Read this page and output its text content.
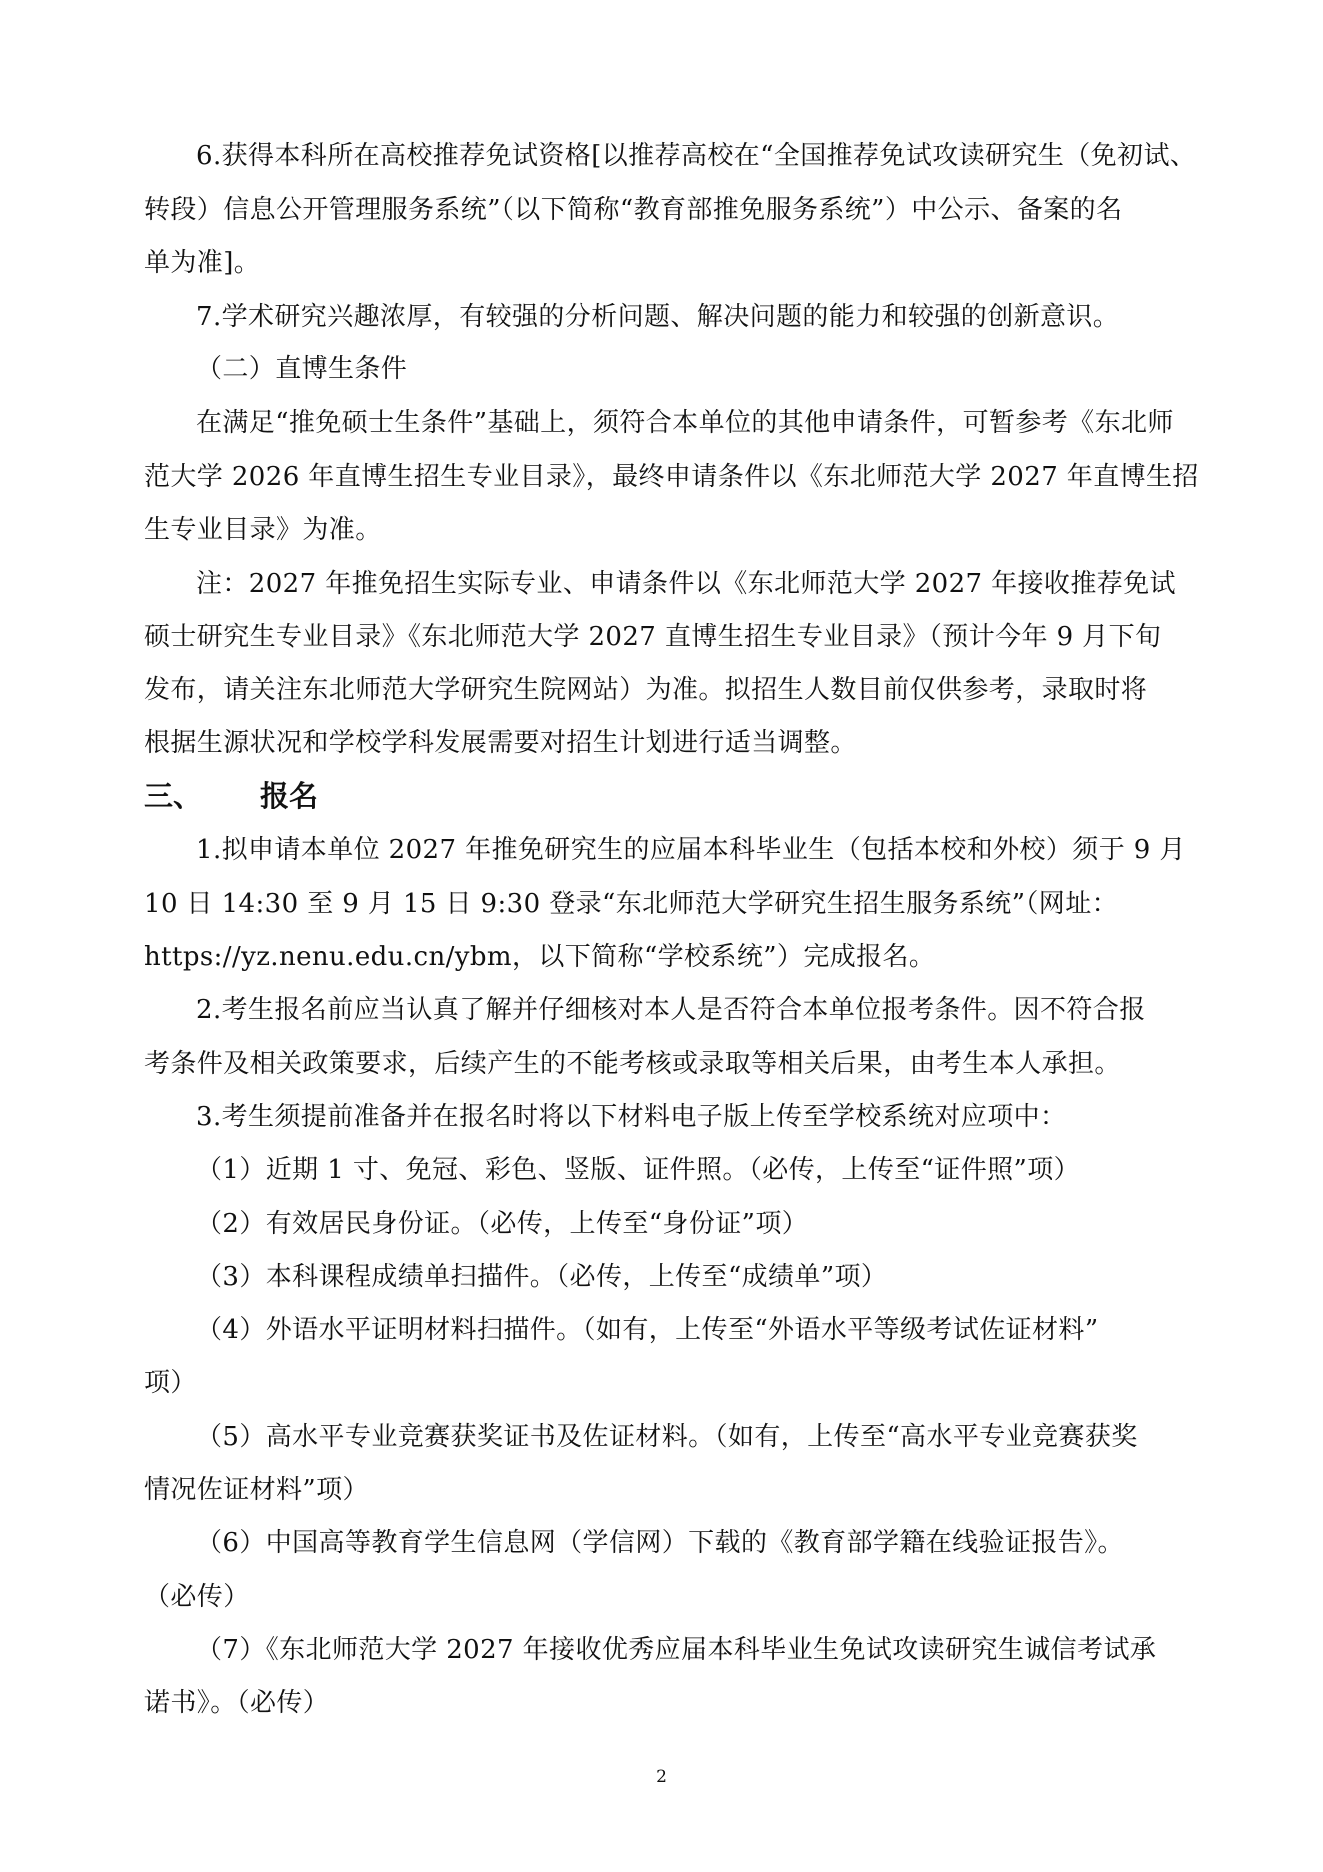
6.获得本科所在高校推荐免试资格[以推荐高校在“全国推荐免试攻读研究生（免初试、
转段）信息公开管理服务系统”（以下简称“教育部推免服务系统”）中公示、备案的名
单为准]。
7.学术研究兴趣浓厚，有较强的分析问题、解决问题的能力和较强的创新意识。
（二）直博生条件
在满足“推免硕士生条件”基础上，须符合本单位的其他申请条件，可暂参考《东北师
范大学 2026 年直博生招生专业目录》，最终申请条件以《东北师范大学 2027 年直博生招
生专业目录》为准。
注：2027 年推免招生实际专业、申请条件以《东北师范大学 2027 年接收推荐免试
硕士研究生专业目录》《东北师范大学 2027 直博生招生专业目录》（预计今年 9 月下旬
发布，请关注东北师范大学研究生院网站）为准。拟招生人数目前仅供参考，录取时将
根据生源状况和学校学科发展需要对招生计划进行适当调整。
三、 报名
1.拟申请本单位 2027 年推免研究生的应届本科毕业生（包括本校和外校）须于 9 月
10 日 14:30 至 9 月 15 日 9:30 登录“东北师范大学研究生招生服务系统”（网址：
https://yz.nenu.edu.cn/ybm，以下简称“学校系统”）完成报名。
2.考生报名前应当认真了解并仔细核对本人是否符合本单位报考条件。因不符合报
考条件及相关政策要求，后续产生的不能考核或录取等相关后果，由考生本人承担。
3.考生须提前准备并在报名时将以下材料电子版上传至学校系统对应项中：
（1）近期 1 寸、免冠、彩色、竖版、证件照。（必传，上传至“证件照”项）
（2）有效居民身份证。（必传，上传至“身份证”项）
（3）本科课程成绩单扫描件。（必传，上传至“成绩单”项）
（4）外语水平证明材料扫描件。（如有，上传至“外语水平等级考试佐证材料”
项）
（5）高水平专业竞赛获奖证书及佐证材料。（如有，上传至“高水平专业竞赛获奖
情况佐证材料”项）
（6）中国高等教育学生信息网（学信网）下载的《教育部学籍在线验证报告》。
（必传）
（7）《东北师范大学 2027 年接收优秀应届本科毕业生免试攻读研究生诚信考试承
诺书》。（必传）
2
